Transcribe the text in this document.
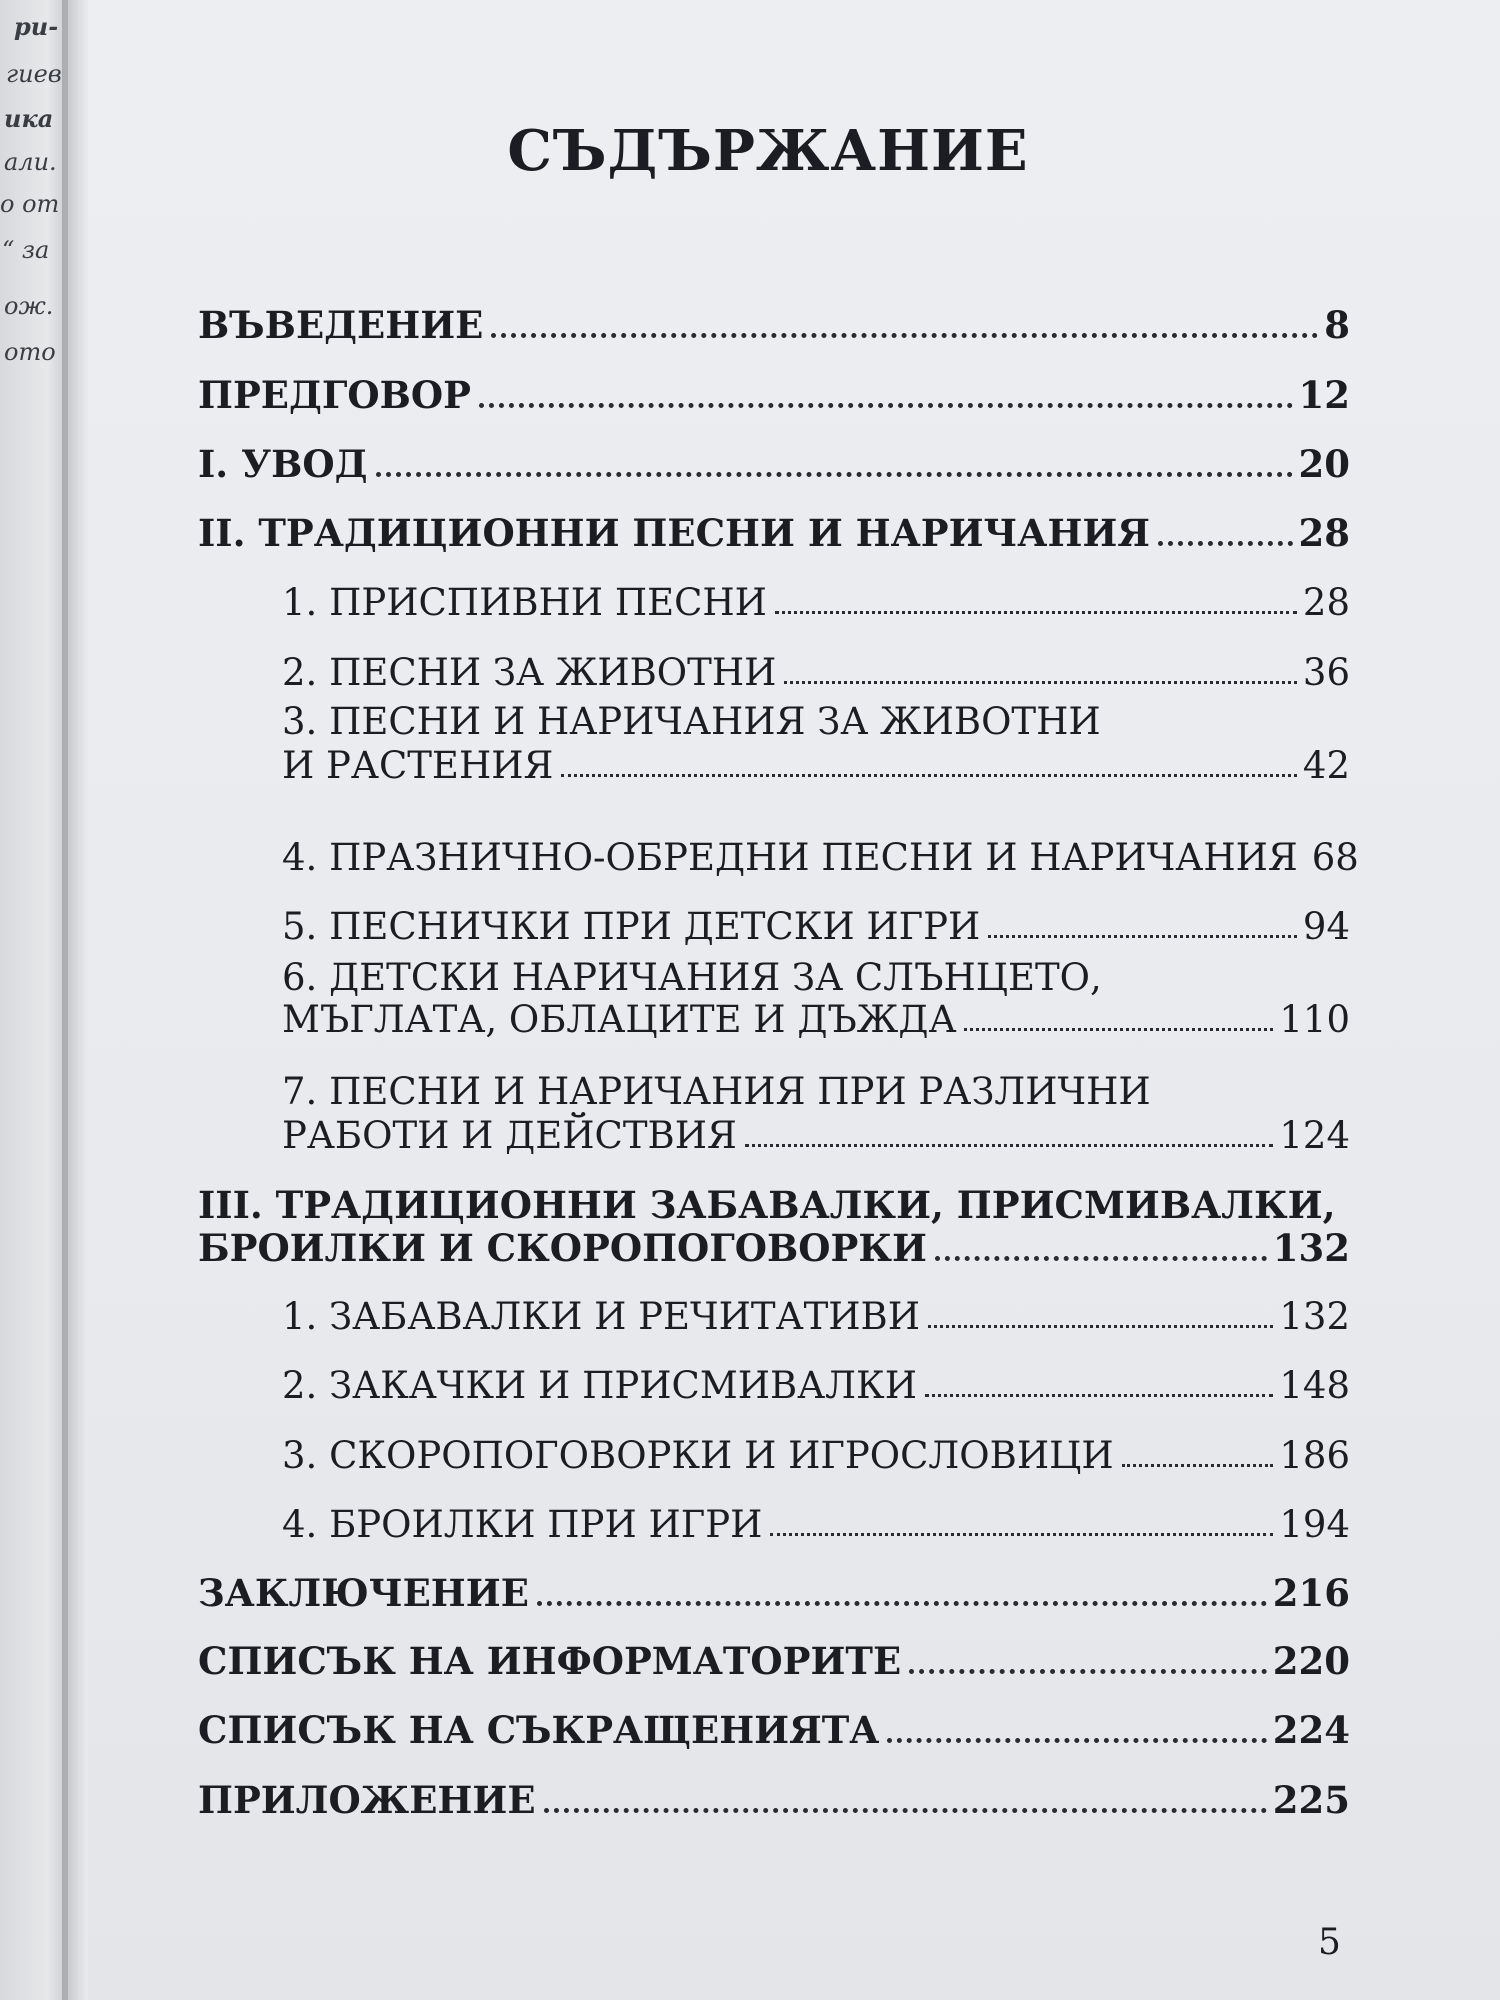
ри-
гиев
ика
али.
о от
“ за
ож.
ото
СЪДЪРЖАНИЕ
ВЪВЕДЕНИЕ	8
ПРЕДГОВОР	12
I. УВОД	20
II. ТРАДИЦИОННИ ПЕСНИ И НАРИЧАНИЯ	28
1. ПРИСПИВНИ ПЕСНИ	28
2. ПЕСНИ ЗА ЖИВОТНИ	36
3. ПЕСНИ И НАРИЧАНИЯ ЗА ЖИВОТНИ
И РАСТЕНИЯ	42
4. ПРАЗНИЧНО-ОБРЕДНИ ПЕСНИ И НАРИЧАНИЯ 68
5. ПЕСНИЧКИ ПРИ ДЕТСКИ ИГРИ	94
6. ДЕТСКИ НАРИЧАНИЯ ЗА СЛЪНЦЕТО,
МЪГЛАТА, ОБЛАЦИТЕ И ДЪЖДА	110
7. ПЕСНИ И НАРИЧАНИЯ ПРИ РАЗЛИЧНИ
РАБОТИ И ДЕЙСТВИЯ	124
III. ТРАДИЦИОННИ ЗАБАВАЛКИ, ПРИСМИВАЛКИ,
БРОИЛКИ И СКОРОПОГОВОРКИ	132
1. ЗАБАВАЛКИ И РЕЧИТАТИВИ	132
2. ЗАКАЧКИ И ПРИСМИВАЛКИ	148
3. СКОРОПОГОВОРКИ И ИГРОСЛОВИЦИ	186
4. БРОИЛКИ ПРИ ИГРИ	194
ЗАКЛЮЧЕНИЕ	216
СПИСЪК НА ИНФОРМАТОРИТЕ	220
СПИСЪК НА СЪКРАЩЕНИЯТА	224
ПРИЛОЖЕНИЕ	225
5
